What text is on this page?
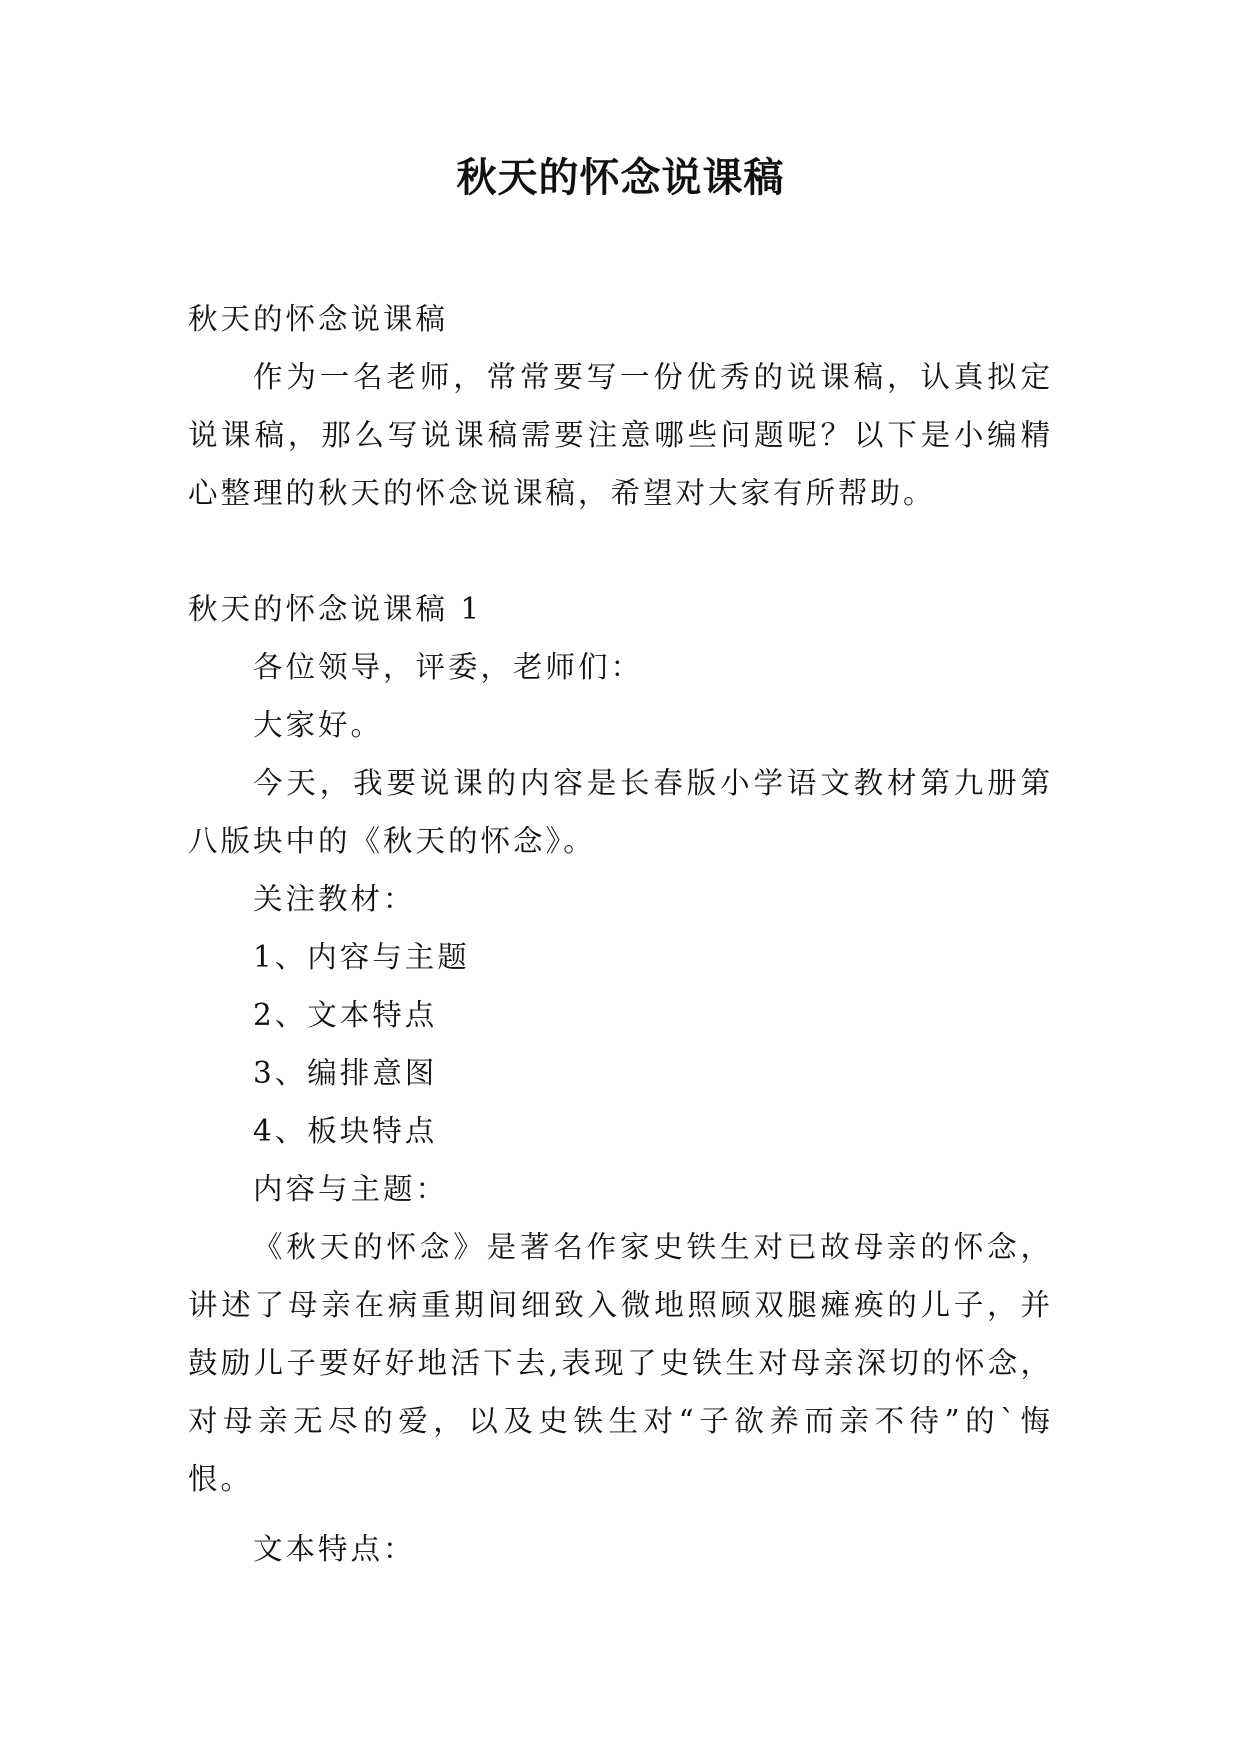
秋天的怀念说课稿

秋天的怀念说课稿

作为一名老师，常常要写一份优秀的说课稿，认真拟定说课稿，那么写说课稿需要注意哪些问题呢？以下是小编精心整理的秋天的怀念说课稿，希望对大家有所帮助。

秋天的怀念说课稿 1

各位领导，评委，老师们：

大家好。

今天，我要说课的内容是长春版小学语文教材第九册第八版块中的《秋天的怀念》。

关注教材：

1、内容与主题

2、文本特点

3、编排意图

4、板块特点

内容与主题：

《秋天的怀念》是著名作家史铁生对已故母亲的怀念，讲述了母亲在病重期间细致入微地照顾双腿瘫痪的儿子，并鼓励儿子要好好地活下去,表现了史铁生对母亲深切的怀念，对母亲无尽的爱，以及史铁生对“子欲养而亲不待”的`悔恨。

文本特点：
